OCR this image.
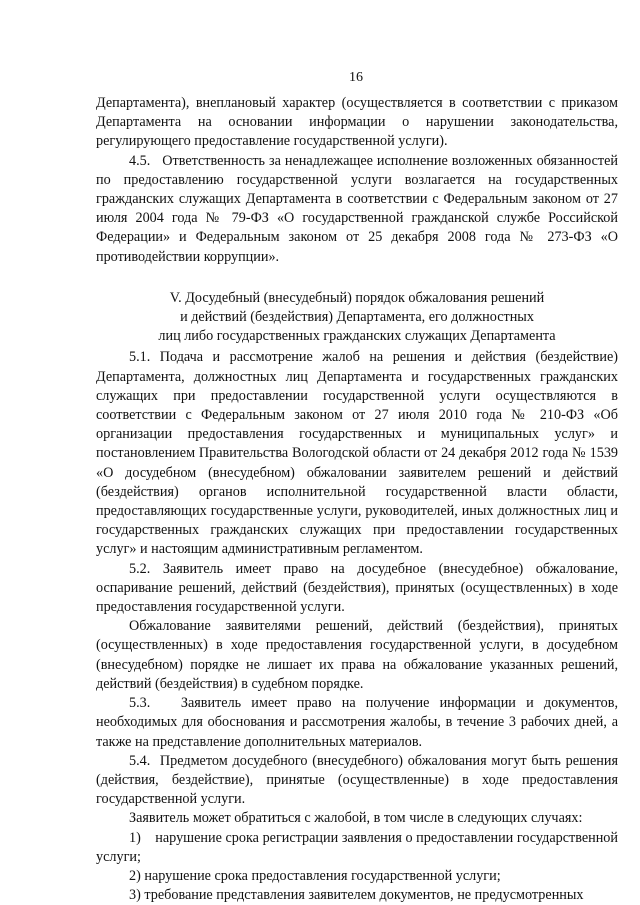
16

Департамента), внеплановый характер (осуществляется в соответствии с приказом Департамента на основании информации о нарушении законодательства, регулирующего предоставление государственной услуги).

4.5.   Ответственность за ненадлежащее исполнение возложенных обязанностей по предоставлению государственной услуги возлагается на государственных гражданских служащих Департамента в соответствии с Федеральным законом от 27 июля 2004 года № 79-ФЗ «О государственной гражданской службе Российской Федерации» и Федеральным законом от 25 декабря 2008 года № 273-ФЗ «О противодействии коррупции».

V. Досудебный (внесудебный) порядок обжалования решений
и действий (бездействия) Департамента, его должностных
лиц либо государственных гражданских служащих Департамента

5.1. Подача и рассмотрение жалоб на решения и действия (бездействие) Департамента, должностных лиц Департамента и государственных гражданских служащих при предоставлении государственной услуги осуществляются в соответствии с Федеральным законом от 27 июля 2010 года № 210-ФЗ «Об организации предоставления государственных и муниципальных услуг» и постановлением Правительства Вологодской области от 24 декабря 2012 года № 1539 «О досудебном (внесудебном) обжаловании заявителем решений и действий (бездействия) органов исполнительной государственной власти области, предоставляющих государственные услуги, руководителей, иных должностных лиц и государственных гражданских служащих при предоставлении государственных услуг» и настоящим административным регламентом.

5.2. Заявитель имеет право на досудебное (внесудебное) обжалование, оспаривание решений, действий (бездействия), принятых (осуществленных) в ходе предоставления государственной услуги.

Обжалование заявителями решений, действий (бездействия), принятых (осуществленных) в ходе предоставления государственной услуги, в досудебном (внесудебном) порядке не лишает их права на обжалование указанных решений, действий (бездействия) в судебном порядке.

5.3.   Заявитель имеет право на получение информации и документов, необходимых для обоснования и рассмотрения жалобы, в течение 3 рабочих дней, а также на представление дополнительных материалов.

5.4.  Предметом досудебного (внесудебного) обжалования могут быть решения (действия, бездействие), принятые (осуществленные) в ходе предоставления государственной услуги.

Заявитель может обратиться с жалобой, в том числе в следующих случаях:

1)    нарушение срока регистрации заявления о предоставлении государственной услуги;

2) нарушение срока предоставления государственной услуги;

3) требование представления заявителем документов, не предусмотренных
